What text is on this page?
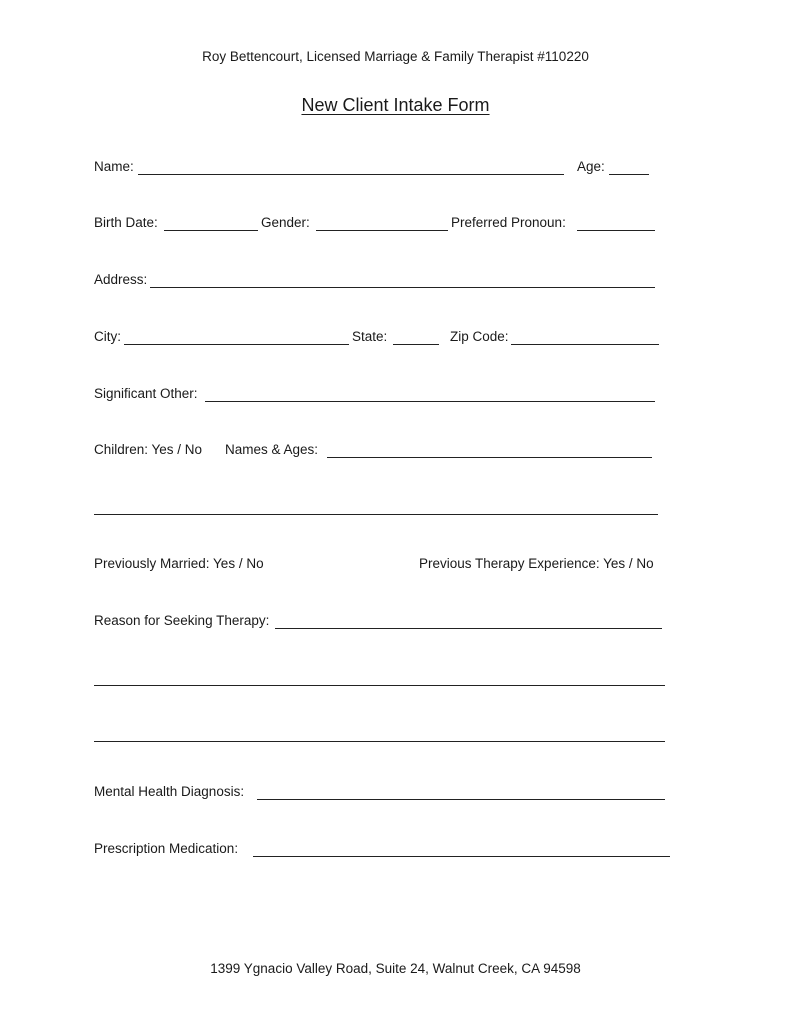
Roy Bettencourt, Licensed Marriage & Family Therapist #110220
New Client Intake Form
Name:	Age:
Birth Date:	Gender:	Preferred Pronoun:
Address:
City:	State:	Zip Code:
Significant Other:
Children: Yes / No Names & Ages:
Previously Married: Yes / No	Previous Therapy Experience: Yes / No
Reason for Seeking Therapy:
Mental Health Diagnosis:
Prescription Medication:
1399 Ygnacio Valley Road, Suite 24, Walnut Creek, CA 94598
